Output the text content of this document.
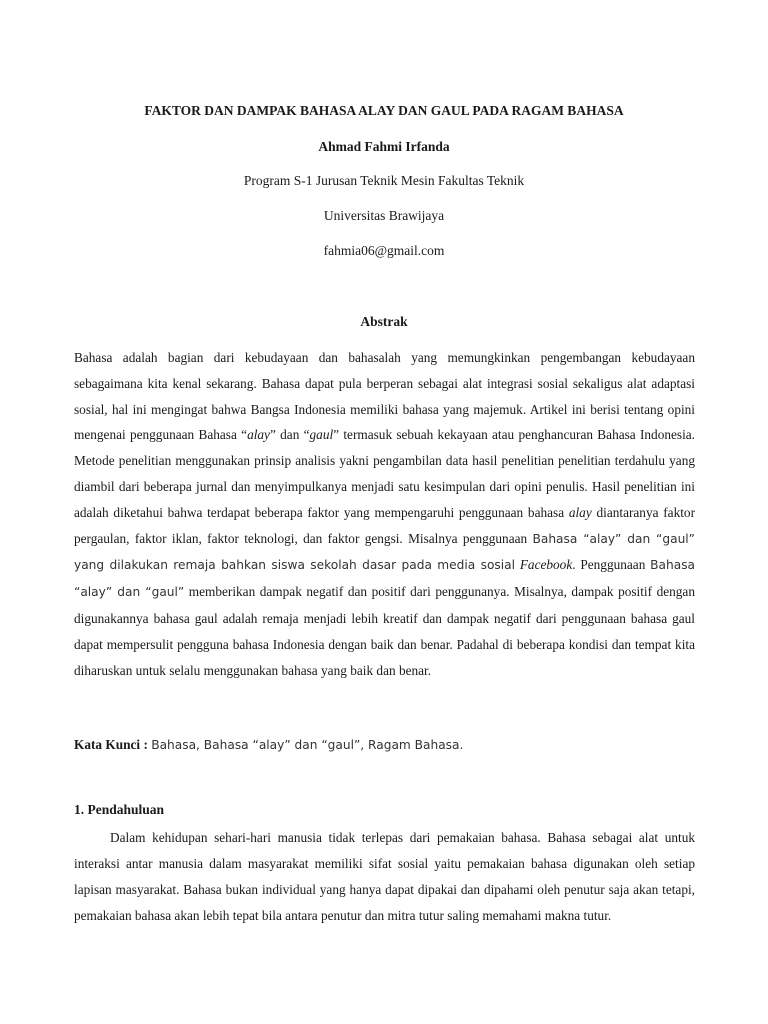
FAKTOR DAN DAMPAK BAHASA ALAY DAN GAUL PADA RAGAM BAHASA
Ahmad Fahmi Irfanda
Program S-1 Jurusan Teknik Mesin Fakultas Teknik
Universitas Brawijaya
fahmia06@gmail.com
Abstrak
Bahasa adalah bagian dari kebudayaan dan bahasalah yang memungkinkan pengembangan kebudayaan sebagaimana kita kenal sekarang. Bahasa dapat pula berperan sebagai alat integrasi sosial sekaligus alat adaptasi sosial, hal ini mengingat bahwa Bangsa Indonesia memiliki bahasa yang majemuk. Artikel ini berisi tentang opini mengenai penggunaan Bahasa “alay” dan “gaul” termasuk sebuah kekayaan atau penghancuran Bahasa Indonesia. Metode penelitian menggunakan prinsip analisis yakni pengambilan data hasil penelitian penelitian terdahulu yang diambil dari beberapa jurnal dan menyimpulkanya menjadi satu kesimpulan dari opini penulis. Hasil penelitian ini adalah diketahui bahwa terdapat beberapa faktor yang mempengaruhi penggunaan bahasa alay diantaranya faktor pergaulan, faktor iklan, faktor teknologi, dan faktor gengsi. Misalnya penggunaan Bahasa “alay” dan “gaul” yang dilakukan remaja bahkan siswa sekolah dasar pada media sosial Facebook. Penggunaan Bahasa “alay” dan “gaul” memberikan dampak negatif dan positif dari penggunanya. Misalnya, dampak positif dengan digunakannya bahasa gaul adalah remaja menjadi lebih kreatif dan dampak negatif dari penggunaan bahasa gaul dapat mempersulit pengguna bahasa Indonesia dengan baik dan benar. Padahal di beberapa kondisi dan tempat kita diharuskan untuk selalu menggunakan bahasa yang baik dan benar.
Kata Kunci : Bahasa, Bahasa “alay” dan “gaul”, Ragam Bahasa.
1. Pendahuluan
Dalam kehidupan sehari-hari manusia tidak terlepas dari pemakaian bahasa. Bahasa sebagai alat untuk interaksi antar manusia dalam masyarakat memiliki sifat sosial yaitu pemakaian bahasa digunakan oleh setiap lapisan masyarakat. Bahasa bukan individual yang hanya dapat dipakai dan dipahami oleh penutur saja akan tetapi, pemakaian bahasa akan lebih tepat bila antara penutur dan mitra tutur saling memahami makna tutur.
